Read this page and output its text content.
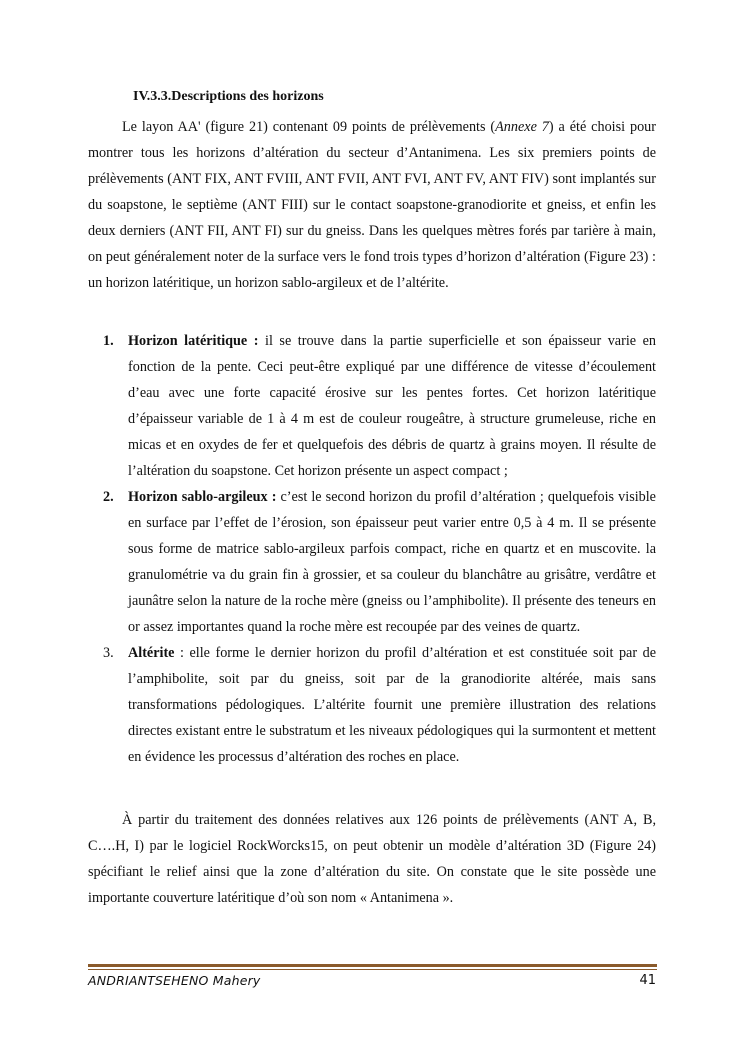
IV.3.3.Descriptions des horizons

Le layon AA' (figure 21) contenant 09 points de prélèvements (Annexe 7) a été choisi pour montrer tous les horizons d’altération du secteur d’Antanimena. Les six premiers points de prélèvements (ANT FIX, ANT FVIII, ANT FVII, ANT FVI, ANT FV, ANT FIV) sont implantés sur du soapstone, le septième (ANT FIII) sur le contact soapstone-granodiorite et gneiss, et enfin les deux derniers (ANT FII, ANT FI) sur du gneiss. Dans les quelques mètres forés par tarière à main, on peut généralement noter de la surface vers le fond trois types d’horizon d’altération (Figure 23) : un horizon latéritique, un horizon sablo-argileux et de l’altérite.

1. Horizon latéritique : il se trouve dans la partie superficielle et son épaisseur varie en fonction de la pente. Ceci peut-être expliqué par une différence de vitesse d’écoulement d’eau avec une forte capacité érosive sur les pentes fortes. Cet horizon latéritique d’épaisseur variable de 1 à 4 m est de couleur rougeâtre, à structure grumeleuse, riche en micas et en oxydes de fer et quelquefois des débris de quartz à grains moyen. Il résulte de l’altération du soapstone. Cet horizon présente un aspect compact ;
2. Horizon sablo-argileux : c’est le second horizon du profil d’altération ; quelquefois visible en surface par l’effet de l’érosion, son épaisseur peut varier entre 0,5 à 4 m. Il se présente sous forme de matrice sablo-argileux parfois compact, riche en quartz et en muscovite. la granulométrie va du grain fin à grossier, et sa couleur du blanchâtre au grisâtre, verdâtre et jaunâtre selon la nature de la roche mère (gneiss ou l’amphibolite). Il présente des teneurs en or assez importantes quand la roche mère est recoupée par des veines de quartz.
3. Altérite : elle forme le dernier horizon du profil d’altération et est constituée soit par de l’amphibolite, soit par du gneiss, soit par de la granodiorite altérée, mais sans transformations pédologiques. L’altérite fournit une première illustration des relations directes existant entre le substratum et les niveaux pédologiques qui la surmontent et mettent en évidence les processus d’altération des roches en place.

À partir du traitement des données relatives aux 126 points de prélèvements (ANT A, B, C….H, I) par le logiciel RockWorcks15, on peut obtenir un modèle d’altération 3D (Figure 24) spécifiant le relief ainsi que la zone d’altération du site. On constate que le site possède une importante couverture latéritique d’où son nom « Antanimena ».

ANDRIANTSEHENO Mahery	41
